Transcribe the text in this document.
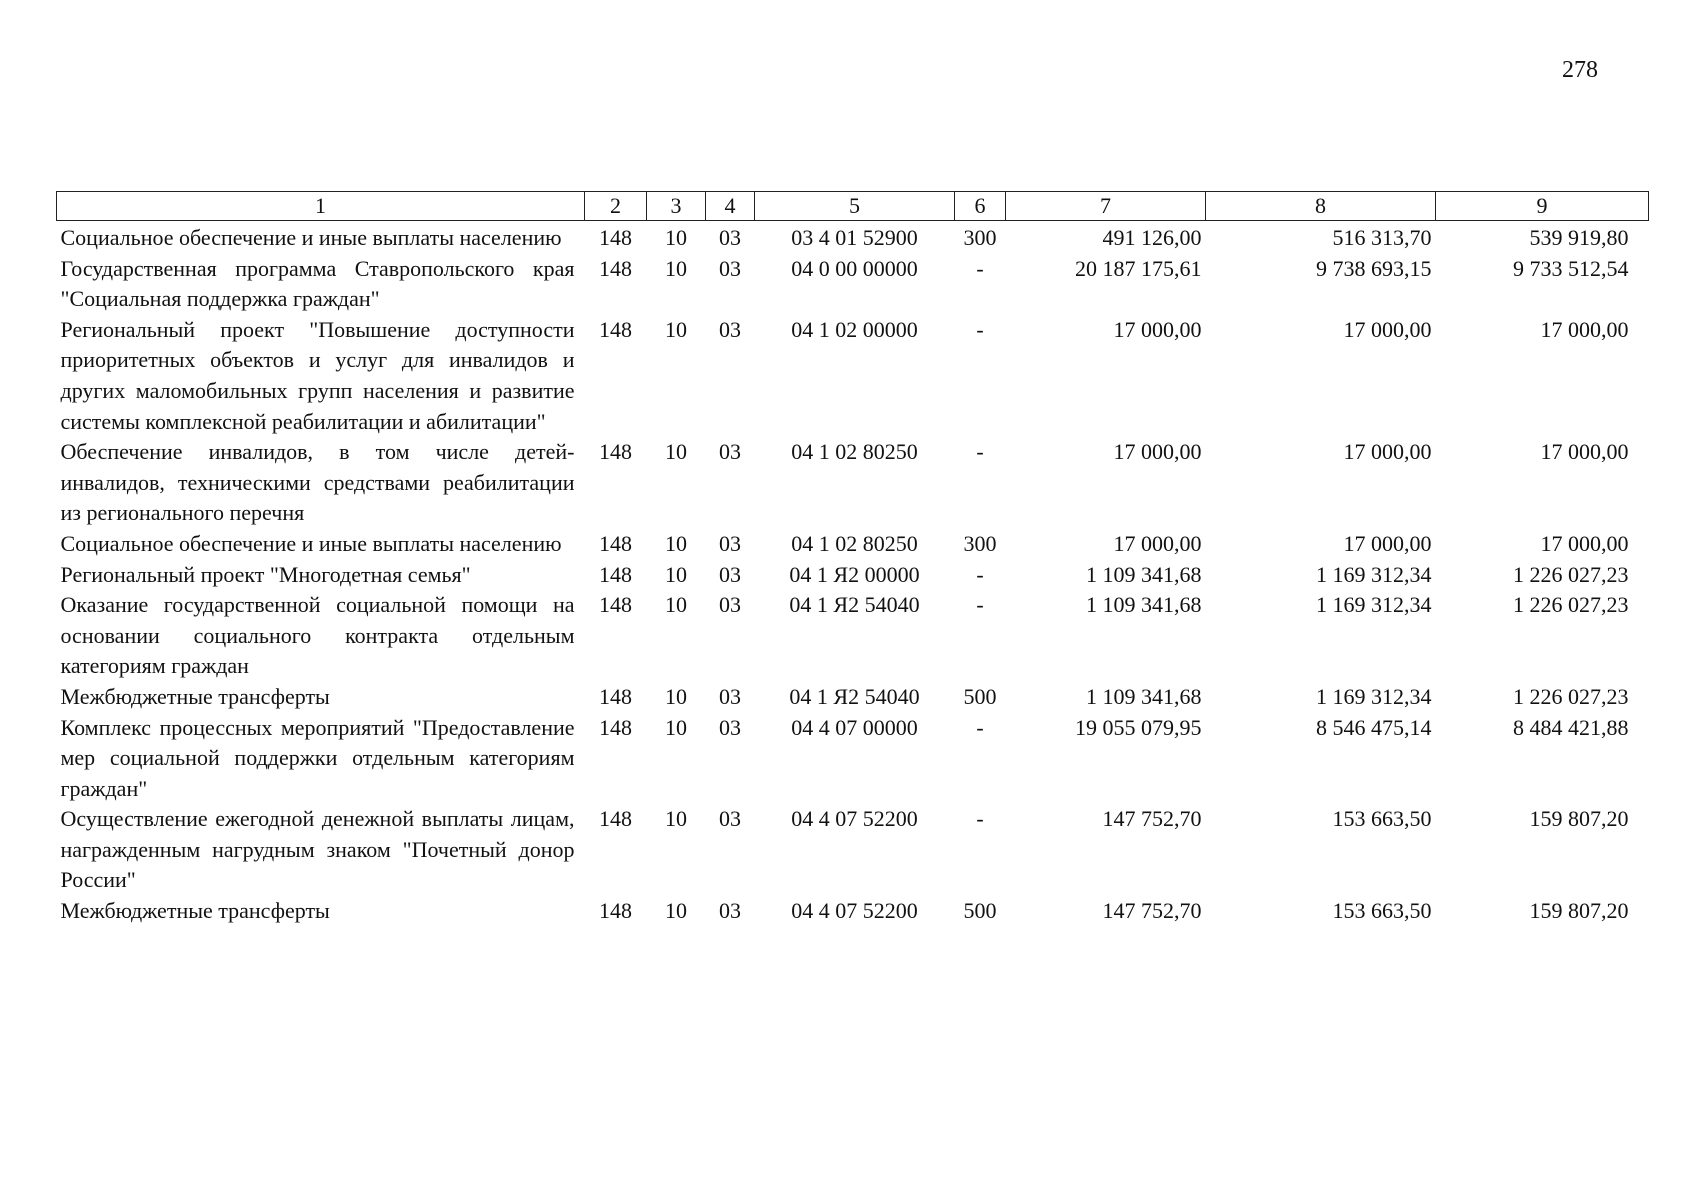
278
1	2	3	4	5	6	7	8	9
Социальное обеспечение и иные выплаты населению	148	10	03	03 4 01 52900	300	491 126,00	516 313,70	539 919,80
Государственная программа Ставропольского края "Социальная поддержка граждан"	148	10	03	04 0 00 00000	-	20 187 175,61	9 738 693,15	9 733 512,54
Региональный проект "Повышение доступности приоритетных объектов и услуг для инвалидов и других маломобильных групп населения и развитие системы комплексной реабилитации и абилитации"	148	10	03	04 1 02 00000	-	17 000,00	17 000,00	17 000,00
Обеспечение инвалидов, в том числе детей-инвалидов, техническими средствами реабилитации из регионального перечня	148	10	03	04 1 02 80250	-	17 000,00	17 000,00	17 000,00
Социальное обеспечение и иные выплаты населению	148	10	03	04 1 02 80250	300	17 000,00	17 000,00	17 000,00
Региональный проект "Многодетная семья"	148	10	03	04 1 Я2 00000	-	1 109 341,68	1 169 312,34	1 226 027,23
Оказание государственной социальной помощи на основании социального контракта отдельным категориям граждан	148	10	03	04 1 Я2 54040	-	1 109 341,68	1 169 312,34	1 226 027,23
Межбюджетные трансферты	148	10	03	04 1 Я2 54040	500	1 109 341,68	1 169 312,34	1 226 027,23
Комплекс процессных мероприятий "Предоставление мер социальной поддержки отдельным категориям граждан"	148	10	03	04 4 07 00000	-	19 055 079,95	8 546 475,14	8 484 421,88
Осуществление ежегодной денежной выплаты лицам, награжденным нагрудным знаком "Почетный донор России"	148	10	03	04 4 07 52200	-	147 752,70	153 663,50	159 807,20
Межбюджетные трансферты	148	10	03	04 4 07 52200	500	147 752,70	153 663,50	159 807,20
